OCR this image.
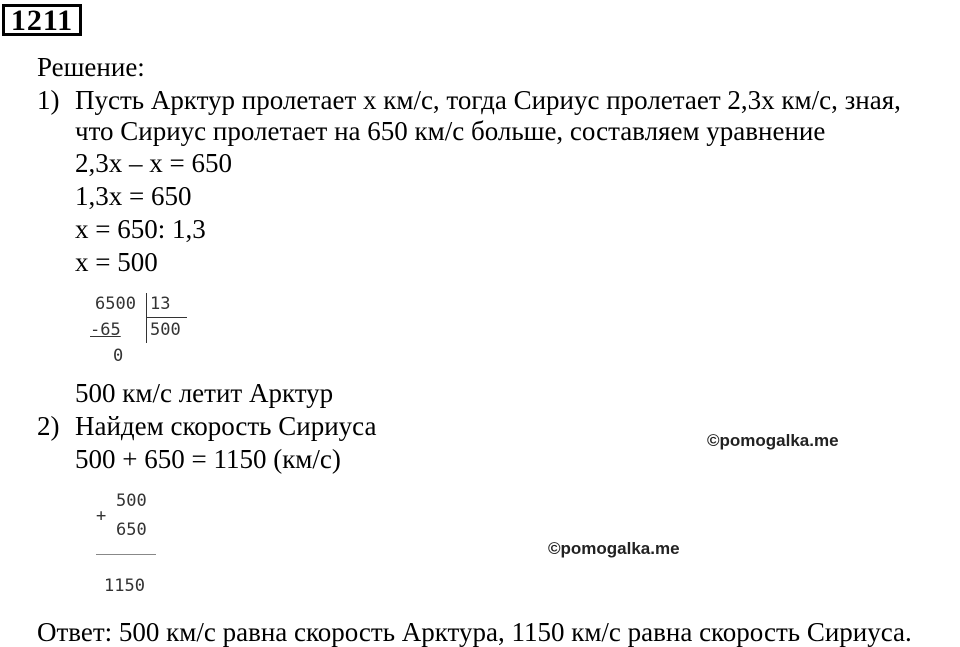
1211
Решение:
1) Пусть Арктур пролетает х км/с, тогда Сириус пролетает 2,3х км/с, зная,
что Сириус пролетает на 650 км/с больше, составляем уравнение
2,3х – х = 650
1,3х = 650
х = 650: 1,3
х = 500
6500 13
-65 500
0
500 км/с летит Арктур
2) Найдем скорость Сириуса
500 + 650 = 1150 (км/с)
+
500
650
1150
©pomogalka.me
©pomogalka.me
Ответ: 500 км/с равна скорость Арктура, 1150 км/с равна скорость Сириуса.
